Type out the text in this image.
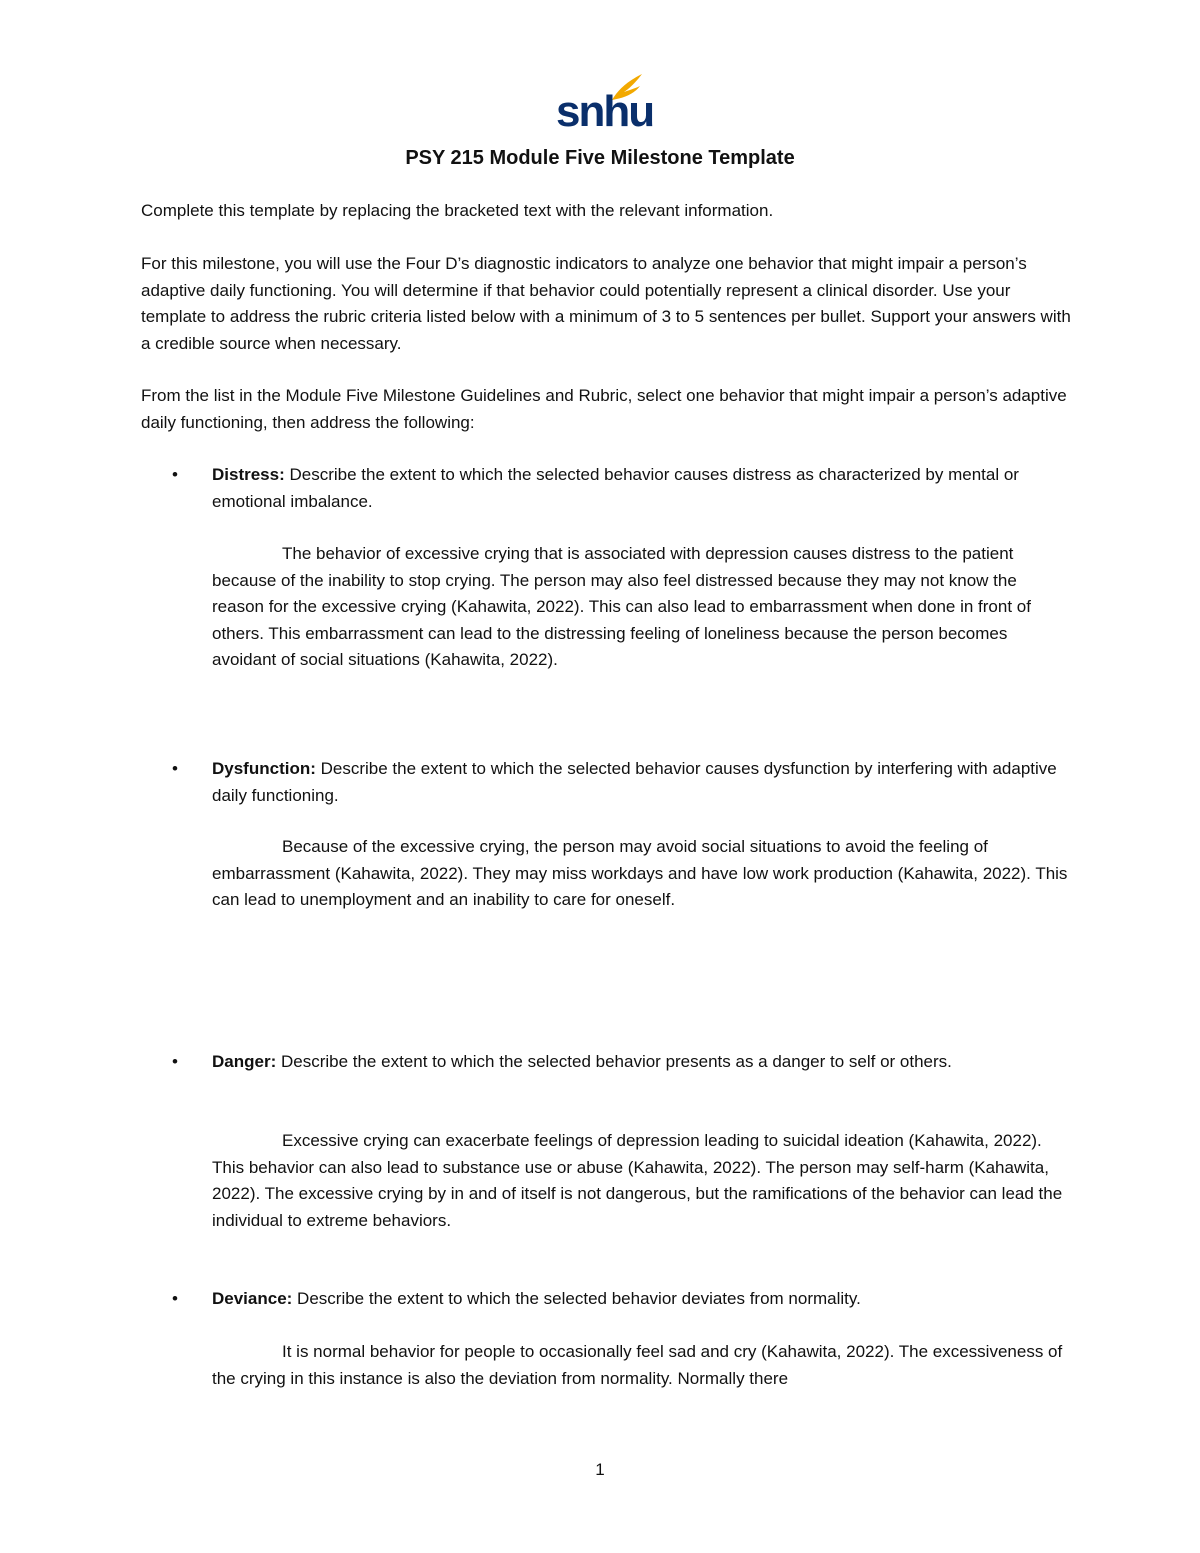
snhu
PSY 215 Module Five Milestone Template

Complete this template by replacing the bracketed text with the relevant information.

For this milestone, you will use the Four D’s diagnostic indicators to analyze one behavior that might impair a person’s adaptive daily functioning. You will determine if that behavior could potentially represent a clinical disorder. Use your template to address the rubric criteria listed below with a minimum of 3 to 5 sentences per bullet. Support your answers with a credible source when necessary.

From the list in the Module Five Milestone Guidelines and Rubric, select one behavior that might impair a person’s adaptive daily functioning, then address the following:

• Distress: Describe the extent to which the selected behavior causes distress as characterized by mental or emotional imbalance.

The behavior of excessive crying that is associated with depression causes distress to the patient because of the inability to stop crying. The person may also feel distressed because they may not know the reason for the excessive crying (Kahawita, 2022). This can also lead to embarrassment when done in front of others. This embarrassment can lead to the distressing feeling of loneliness because the person becomes avoidant of social situations (Kahawita, 2022).

• Dysfunction: Describe the extent to which the selected behavior causes dysfunction by interfering with adaptive daily functioning.

Because of the excessive crying, the person may avoid social situations to avoid the feeling of embarrassment (Kahawita, 2022). They may miss workdays and have low work production (Kahawita, 2022). This can lead to unemployment and an inability to care for oneself.

• Danger: Describe the extent to which the selected behavior presents as a danger to self or others.

Excessive crying can exacerbate feelings of depression leading to suicidal ideation (Kahawita, 2022). This behavior can also lead to substance use or abuse (Kahawita, 2022). The person may self-harm (Kahawita, 2022). The excessive crying by in and of itself is not dangerous, but the ramifications of the behavior can lead the individual to extreme behaviors.

• Deviance: Describe the extent to which the selected behavior deviates from normality.

It is normal behavior for people to occasionally feel sad and cry (Kahawita, 2022). The excessiveness of the crying in this instance is also the deviation from normality. Normally there

1
